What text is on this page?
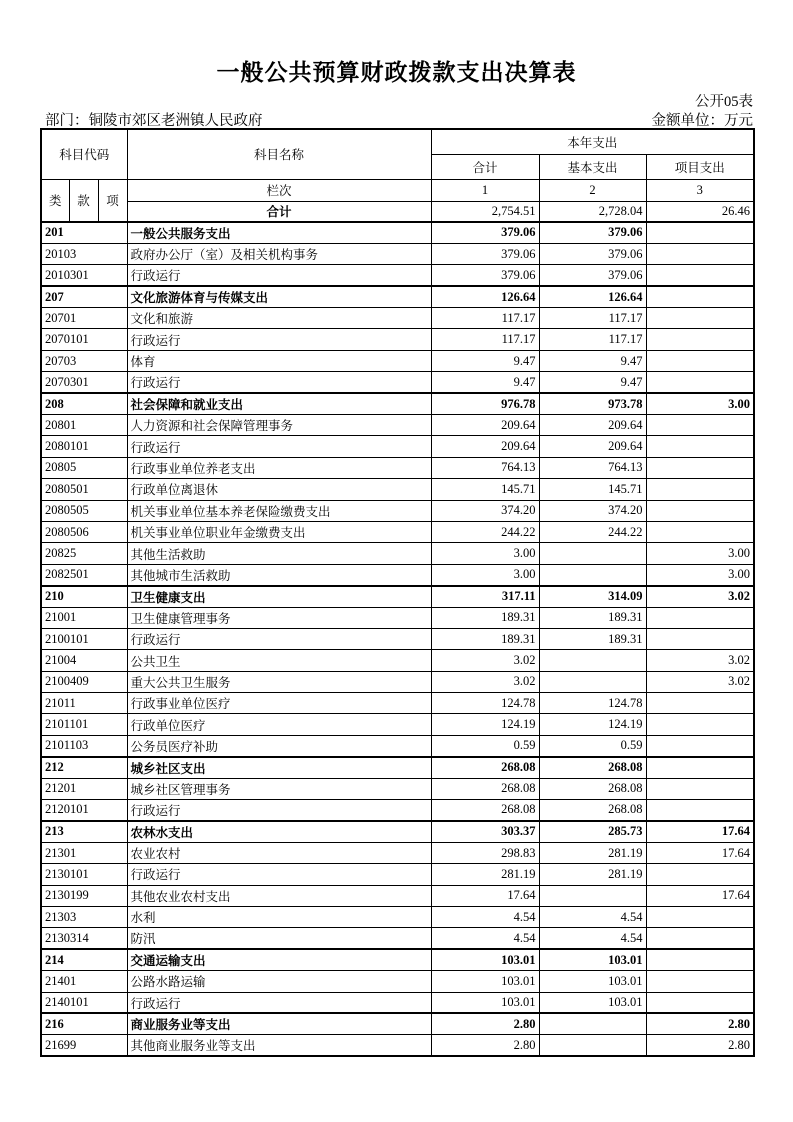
一般公共预算财政拨款支出决算表
公开05表
部门：铜陵市郊区老洲镇人民政府	金额单位：万元
科目代码			科目名称	本年支出		
				合计	基本支出	项目支出
类	款	项	栏次	1	2	3
			合计	2,754.51	2,728.04	26.46
201			一般公共服务支出	379.06	379.06	
20103			政府办公厅（室）及相关机构事务	379.06	379.06	
2010301			行政运行	379.06	379.06	
207			文化旅游体育与传媒支出	126.64	126.64	
20701			文化和旅游	117.17	117.17	
2070101			行政运行	117.17	117.17	
20703			体育	9.47	9.47	
2070301			行政运行	9.47	9.47	
208			社会保障和就业支出	976.78	973.78	3.00
20801			人力资源和社会保障管理事务	209.64	209.64	
2080101			行政运行	209.64	209.64	
20805			行政事业单位养老支出	764.13	764.13	
2080501			行政单位离退休	145.71	145.71	
2080505			机关事业单位基本养老保险缴费支出	374.20	374.20	
2080506			机关事业单位职业年金缴费支出	244.22	244.22	
20825			其他生活救助	3.00		3.00
2082501			其他城市生活救助	3.00		3.00
210			卫生健康支出	317.11	314.09	3.02
21001			卫生健康管理事务	189.31	189.31	
2100101			行政运行	189.31	189.31	
21004			公共卫生	3.02		3.02
2100409			重大公共卫生服务	3.02		3.02
21011			行政事业单位医疗	124.78	124.78	
2101101			行政单位医疗	124.19	124.19	
2101103			公务员医疗补助	0.59	0.59	
212			城乡社区支出	268.08	268.08	
21201			城乡社区管理事务	268.08	268.08	
2120101			行政运行	268.08	268.08	
213			农林水支出	303.37	285.73	17.64
21301			农业农村	298.83	281.19	17.64
2130101			行政运行	281.19	281.19	
2130199			其他农业农村支出	17.64		17.64
21303			水利	4.54	4.54	
2130314			防汛	4.54	4.54	
214			交通运输支出	103.01	103.01	
21401			公路水路运输	103.01	103.01	
2140101			行政运行	103.01	103.01	
216			商业服务业等支出	2.80		2.80
21699			其他商业服务业等支出	2.80		2.80
